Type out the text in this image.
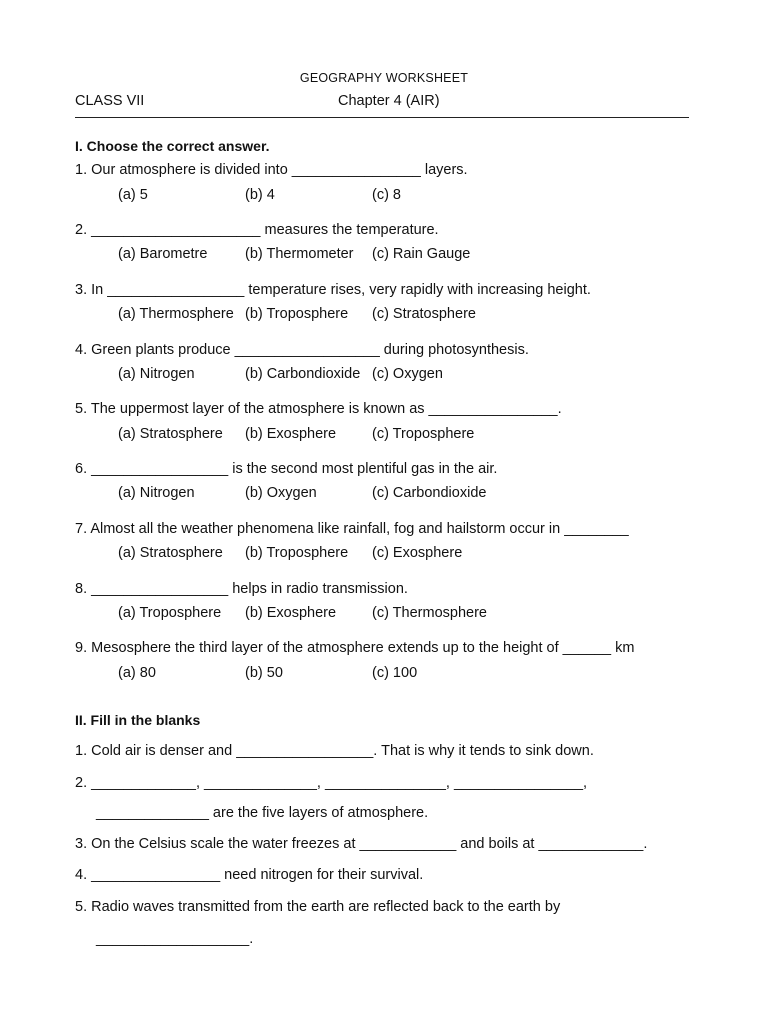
GEOGRAPHY WORKSHEET
CLASS VII	Chapter 4 (AIR)
I. Choose the correct answer.
1. Our atmosphere is divided into ________________ layers.
(a) 5	(b) 4	(c) 8
2. _____________________ measures the temperature.
(a) Barometre	(b) Thermometer (c) Rain Gauge
3. In _________________ temperature rises, very rapidly with increasing height.
(a) Thermosphere (b) Troposphere (c) Stratosphere
4. Green plants produce __________________ during photosynthesis.
(a) Nitrogen	(b) Carbondioxide (c) Oxygen
5. The uppermost layer of the atmosphere is known as ________________.
(a) Stratosphere (b) Exosphere (c) Troposphere
6. _________________ is the second most plentiful gas in the air.
(a) Nitrogen	(b) Oxygen	(c) Carbondioxide
7. Almost all the weather phenomena like rainfall, fog and hailstorm occur in ________
(a) Stratosphere (b) Troposphere (c) Exosphere
8. _________________ helps in radio transmission.
(a) Troposphere (b) Exosphere (c) Thermosphere
9. Mesosphere the third layer of the atmosphere extends up to the height of ______ km
(a) 80	(b) 50	(c) 100
II. Fill in the blanks
1. Cold air is denser and _________________. That is why it tends to sink down.
2. _____________, ______________, _______________, ________________,
______________ are the five layers of atmosphere.
3. On the Celsius scale the water freezes at ____________ and boils at _____________.
4. ________________ need nitrogen for their survival.
5. Radio waves transmitted from the earth are reflected back to the earth by
___________________.
